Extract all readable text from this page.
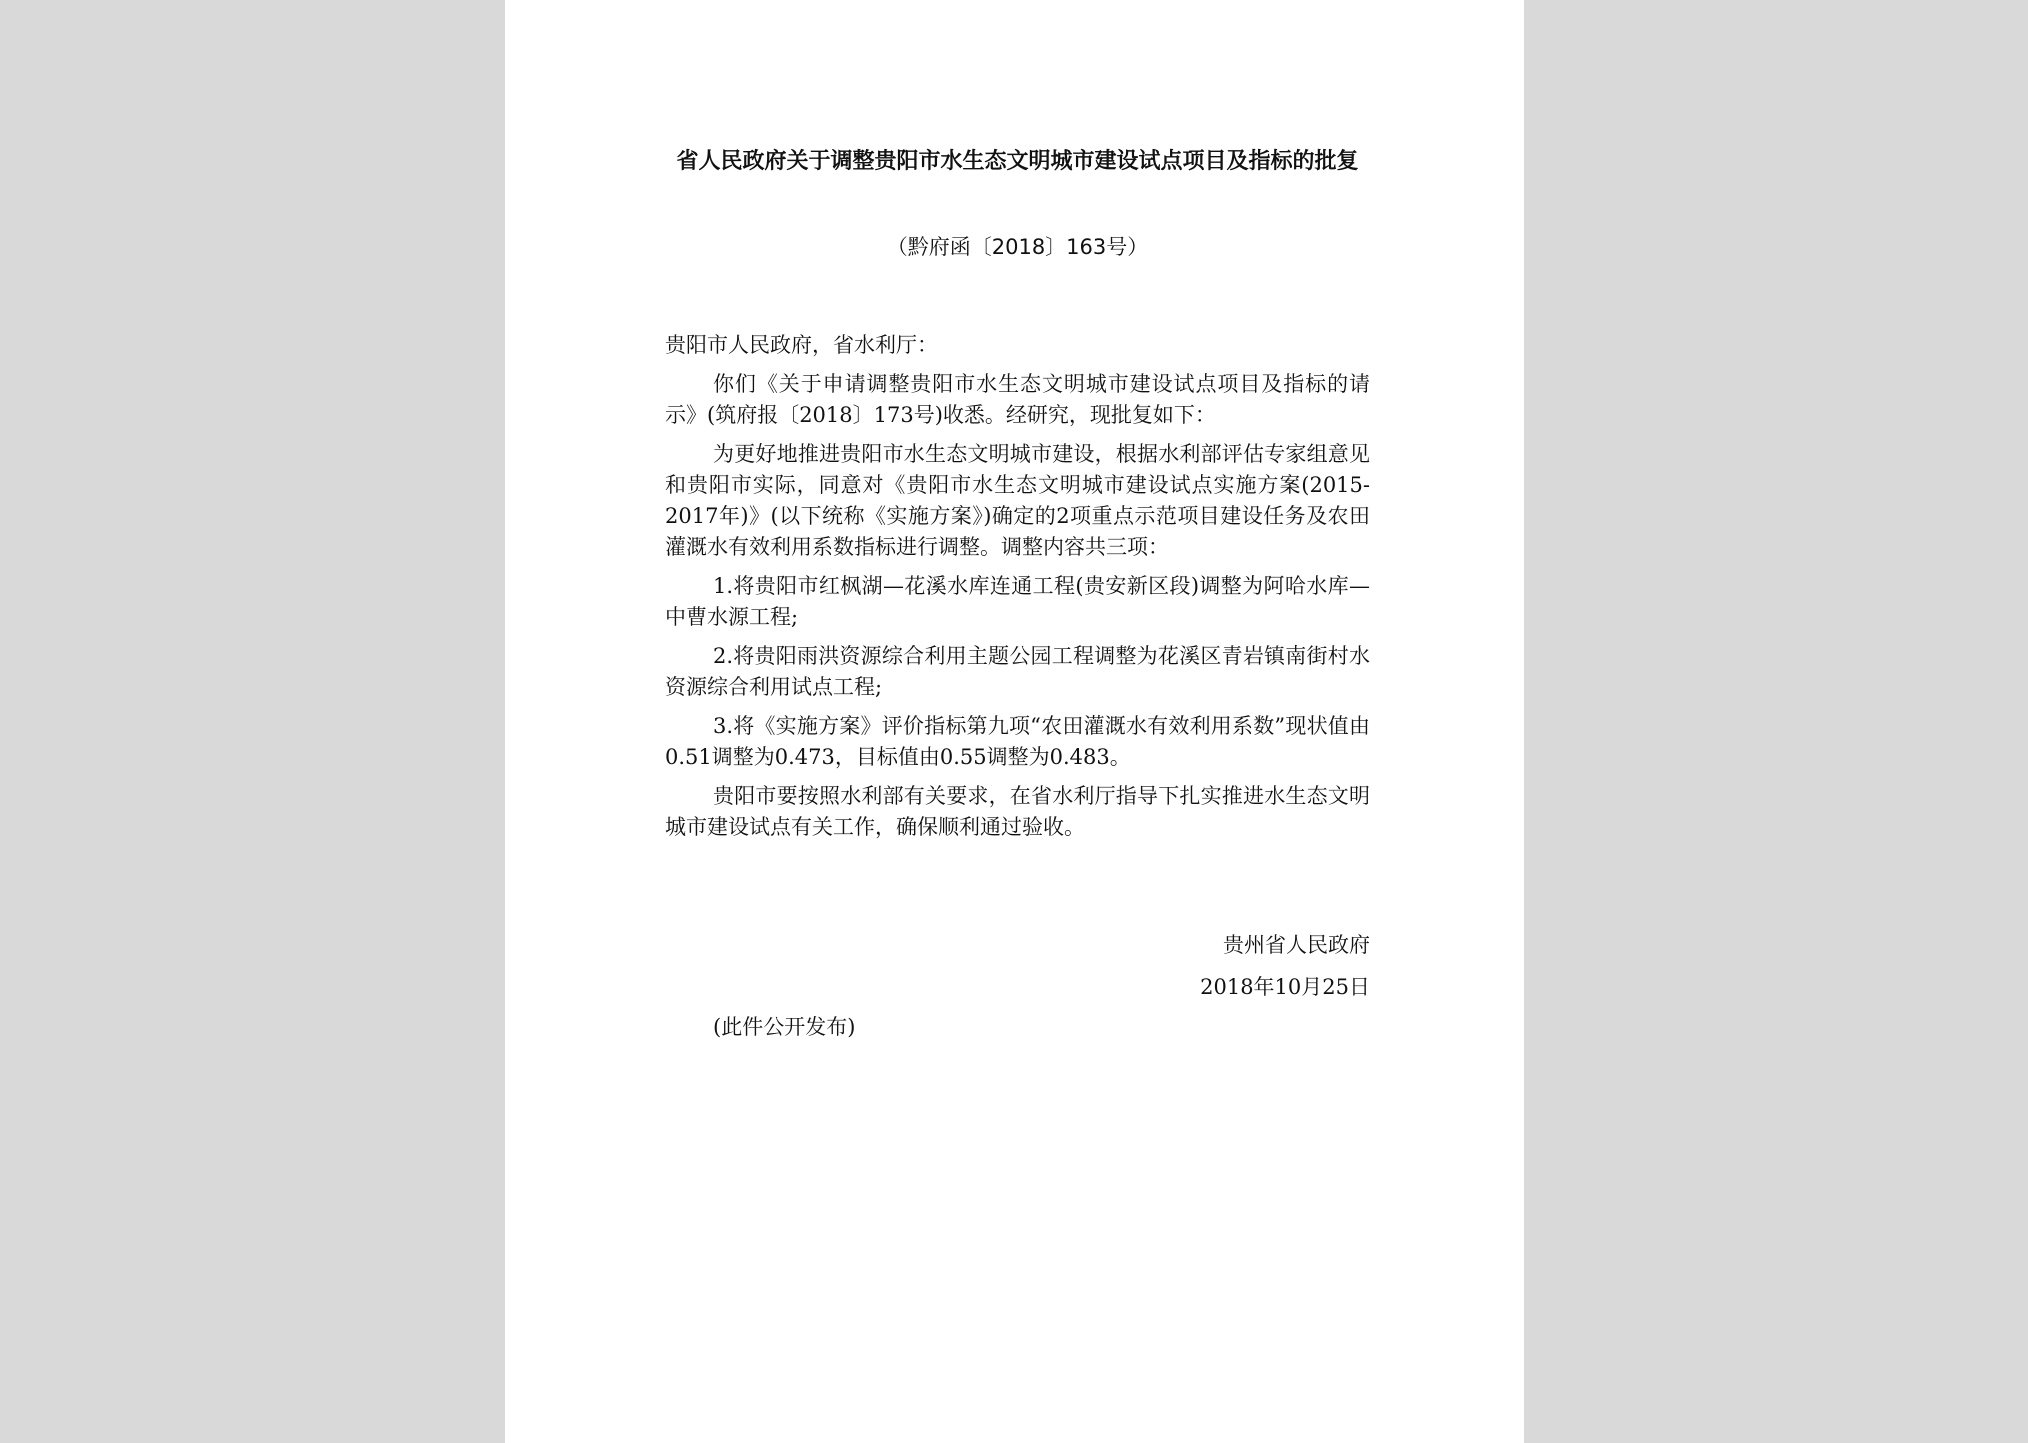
省人民政府关于调整贵阳市水生态文明城市建设试点项目及指标的批复
（黔府函〔2018〕163号）

贵阳市人民政府，省水利厅：

你们《关于申请调整贵阳市水生态文明城市建设试点项目及指标的请示》(筑府报〔2018〕173号)收悉。经研究，现批复如下：

为更好地推进贵阳市水生态文明城市建设，根据水利部评估专家组意见和贵阳市实际，同意对《贵阳市水生态文明城市建设试点实施方案(2015-2017年)》(以下统称《实施方案》)确定的2项重点示范项目建设任务及农田灌溉水有效利用系数指标进行调整。调整内容共三项：

1.将贵阳市红枫湖—花溪水库连通工程(贵安新区段)调整为阿哈水库—中曹水源工程;

2.将贵阳雨洪资源综合利用主题公园工程调整为花溪区青岩镇南街村水资源综合利用试点工程;

3.将《实施方案》评价指标第九项“农田灌溉水有效利用系数”现状值由0.51调整为0.473，目标值由0.55调整为0.483。

贵阳市要按照水利部有关要求，在省水利厅指导下扎实推进水生态文明城市建设试点有关工作，确保顺利通过验收。

贵州省人民政府
2018年10月25日
(此件公开发布)
